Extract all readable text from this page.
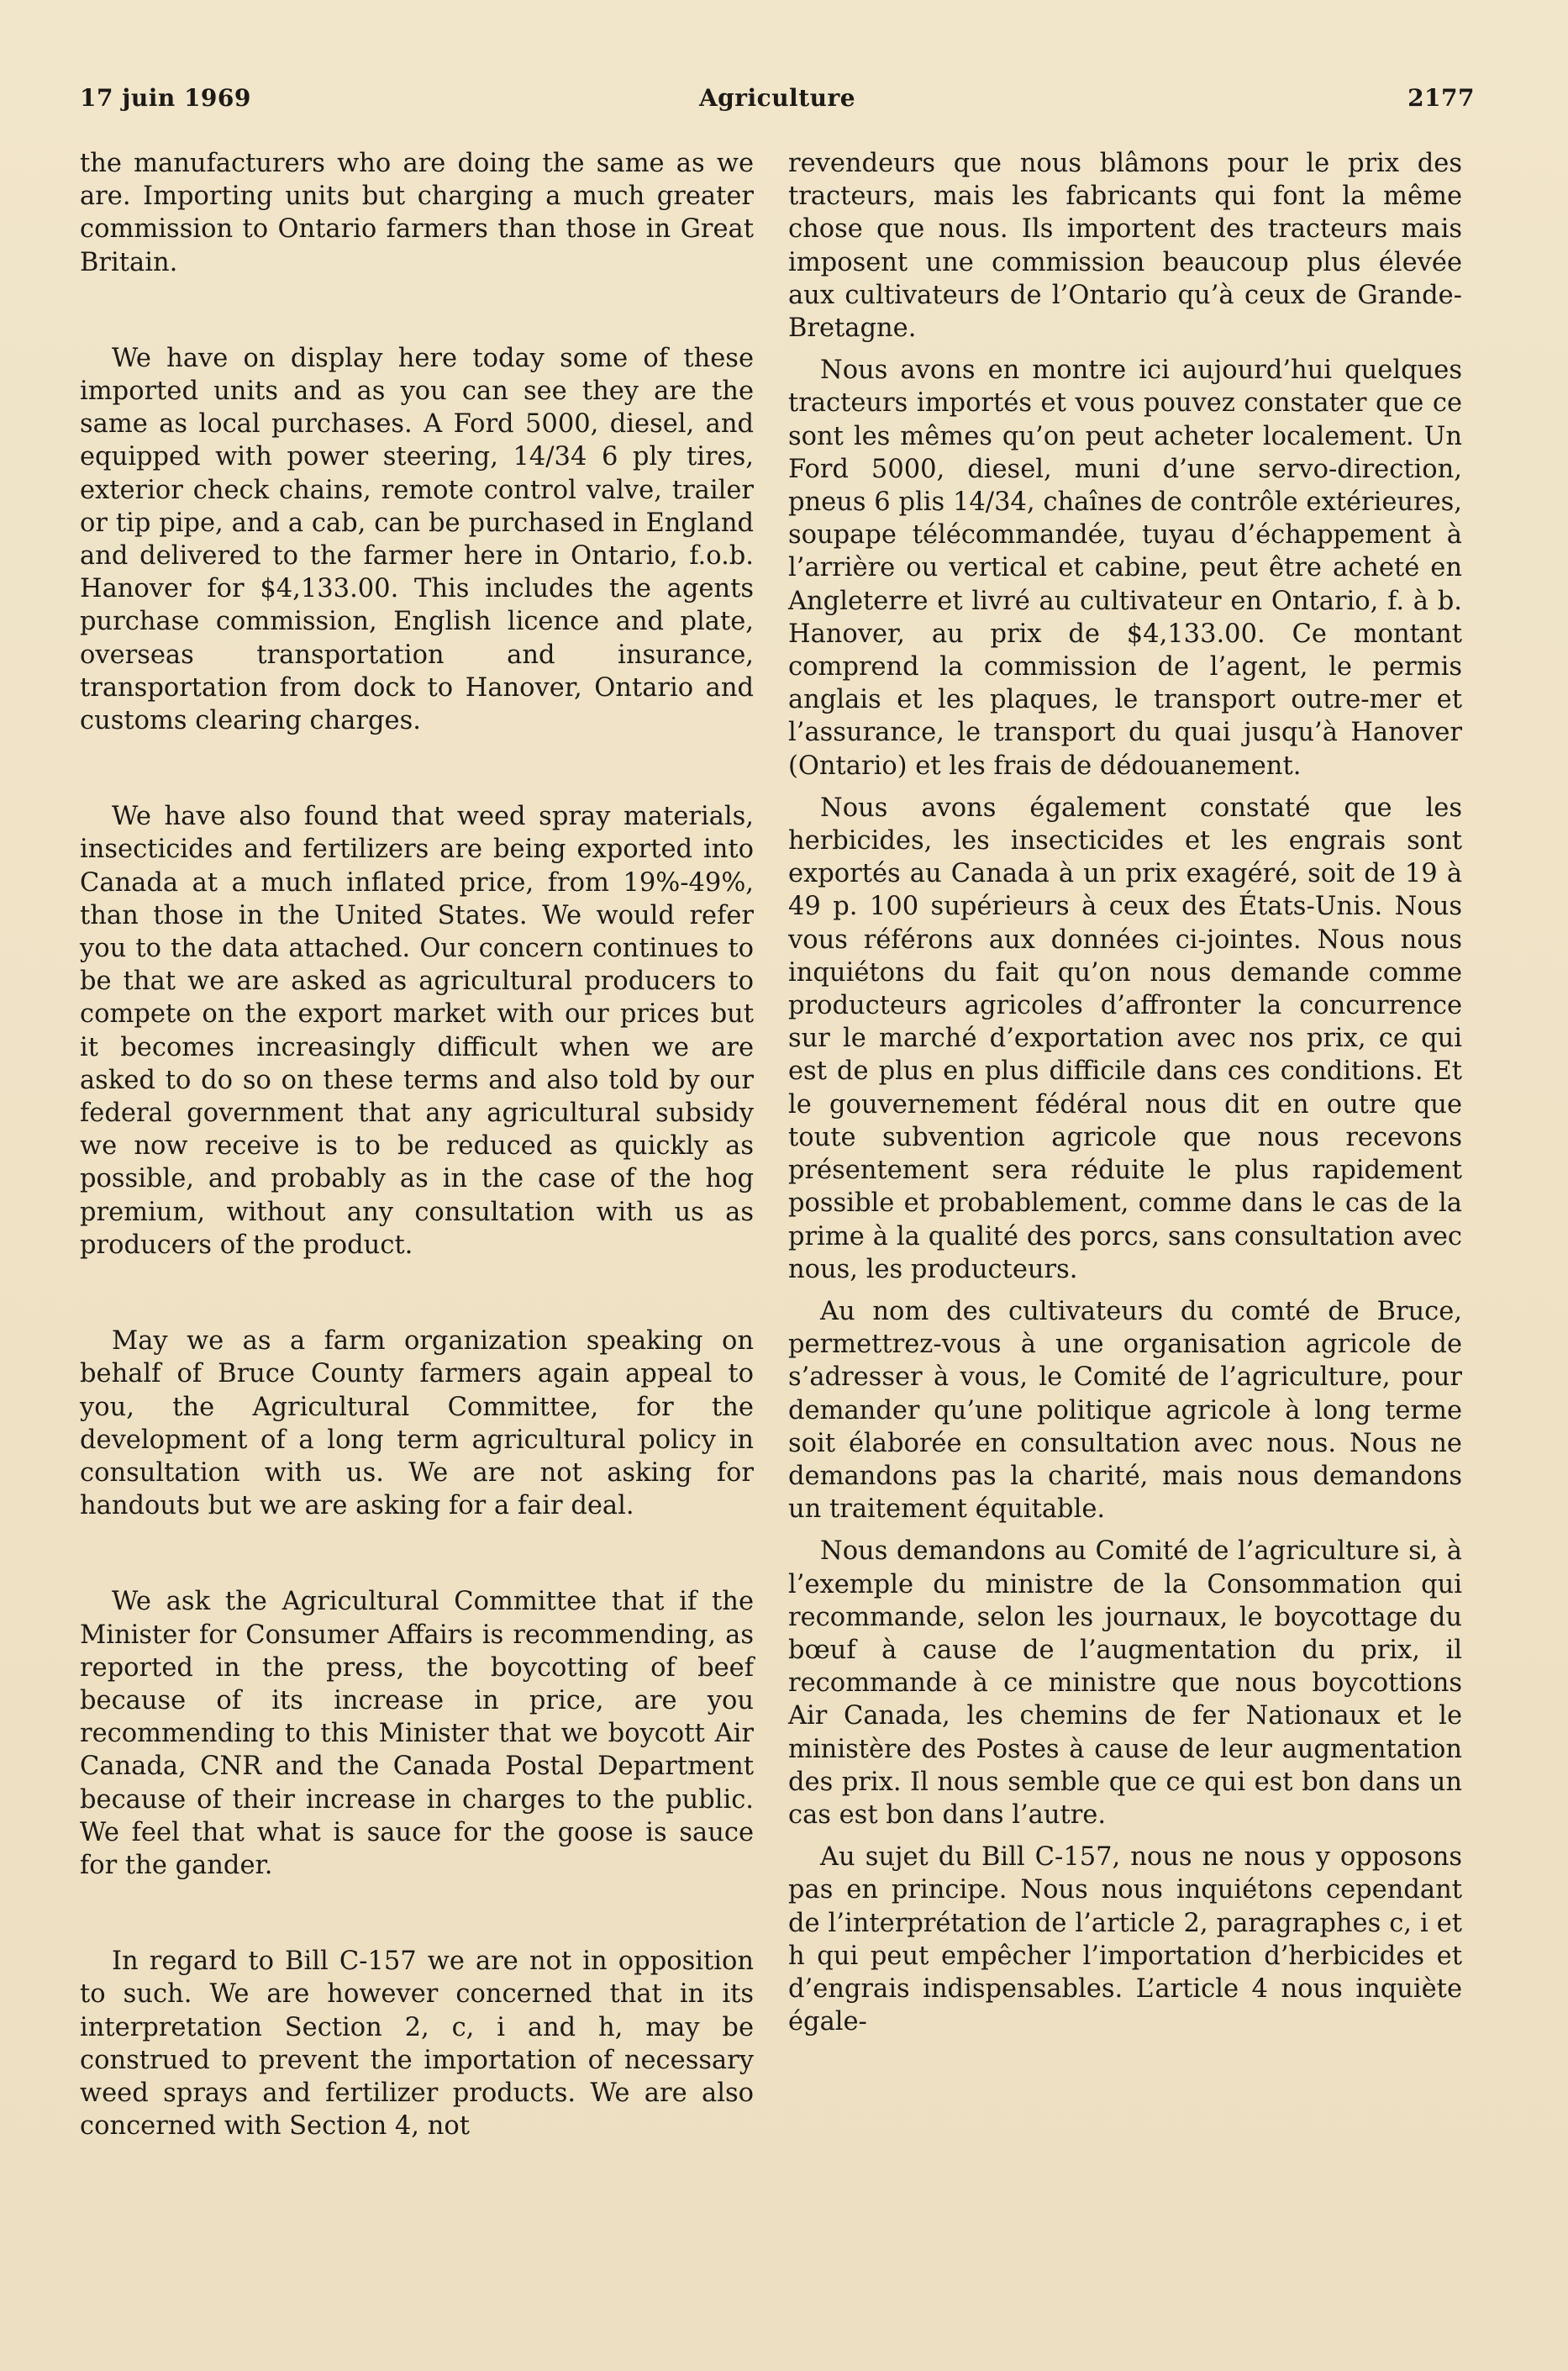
17 juin 1969	Agriculture	2177

the manufacturers who are doing the same as we are. Importing units but charging a much greater commission to Ontario farmers than those in Great Britain.

We have on display here today some of these imported units and as you can see they are the same as local purchases. A Ford 5000, diesel, and equipped with power steering, 14/34 6 ply tires, exterior check chains, remote control valve, trailer or tip pipe, and a cab, can be purchased in England and delivered to the farmer here in Ontario, f.o.b. Hanover for $4,133.00. This includes the agents purchase commission, English licence and plate, overseas transportation and insurance, transportation from dock to Hanover, Ontario and customs clearing charges.

We have also found that weed spray materials, insecticides and fertilizers are being exported into Canada at a much inflated price, from 19%-49%, than those in the United States. We would refer you to the data attached. Our concern continues to be that we are asked as agricultural producers to compete on the export market with our prices but it becomes increasingly difficult when we are asked to do so on these terms and also told by our federal government that any agricultural subsidy we now receive is to be reduced as quickly as possible, and probably as in the case of the hog premium, without any consultation with us as producers of the product.

May we as a farm organization speaking on behalf of Bruce County farmers again appeal to you, the Agricultural Committee, for the development of a long term agricultural policy in consultation with us. We are not asking for handouts but we are asking for a fair deal.

We ask the Agricultural Committee that if the Minister for Consumer Affairs is recommending, as reported in the press, the boycotting of beef because of its increase in price, are you recommending to this Minister that we boycott Air Canada, CNR and the Canada Postal Department because of their increase in charges to the public. We feel that what is sauce for the goose is sauce for the gander.

In regard to Bill C-157 we are not in opposition to such. We are however concerned that in its interpretation Section 2, c, i and h, may be construed to prevent the importation of necessary weed sprays and fertilizer products. We are also concerned with Section 4, not

revendeurs que nous blâmons pour le prix des tracteurs, mais les fabricants qui font la même chose que nous. Ils importent des tracteurs mais imposent une commission beaucoup plus élevée aux cultivateurs de l’Ontario qu’à ceux de Grande-Bretagne.

Nous avons en montre ici aujourd’hui quelques tracteurs importés et vous pouvez constater que ce sont les mêmes qu’on peut acheter localement. Un Ford 5000, diesel, muni d’une servo-direction, pneus 6 plis 14/34, chaînes de contrôle extérieures, soupape télécommandée, tuyau d’échappement à l’arrière ou vertical et cabine, peut être acheté en Angleterre et livré au cultivateur en Ontario, f. à b. Hanover, au prix de $4,133.00. Ce montant comprend la commission de l’agent, le permis anglais et les plaques, le transport outre-mer et l’assurance, le transport du quai jusqu’à Hanover (Ontario) et les frais de dédouanement.

Nous avons également constaté que les herbicides, les insecticides et les engrais sont exportés au Canada à un prix exagéré, soit de 19 à 49 p. 100 supérieurs à ceux des États-Unis. Nous vous référons aux données ci-jointes. Nous nous inquiétons du fait qu’on nous demande comme producteurs agricoles d’affronter la concurrence sur le marché d’exportation avec nos prix, ce qui est de plus en plus difficile dans ces conditions. Et le gouvernement fédéral nous dit en outre que toute subvention agricole que nous recevons présentement sera réduite le plus rapidement possible et probablement, comme dans le cas de la prime à la qualité des porcs, sans consultation avec nous, les producteurs.

Au nom des cultivateurs du comté de Bruce, permettrez-vous à une organisation agricole de s’adresser à vous, le Comité de l’agriculture, pour demander qu’une politique agricole à long terme soit élaborée en consultation avec nous. Nous ne demandons pas la charité, mais nous demandons un traitement équitable.

Nous demandons au Comité de l’agriculture si, à l’exemple du ministre de la Consommation qui recommande, selon les journaux, le boycottage du bœuf à cause de l’augmentation du prix, il recommande à ce ministre que nous boycottions Air Canada, les chemins de fer Nationaux et le ministère des Postes à cause de leur augmentation des prix. Il nous semble que ce qui est bon dans un cas est bon dans l’autre.

Au sujet du Bill C-157, nous ne nous y opposons pas en principe. Nous nous inquiétons cependant de l’interprétation de l’article 2, paragraphes c, i et h qui peut empêcher l’importation d’herbicides et d’engrais indispensables. L’article 4 nous inquiète égale-
